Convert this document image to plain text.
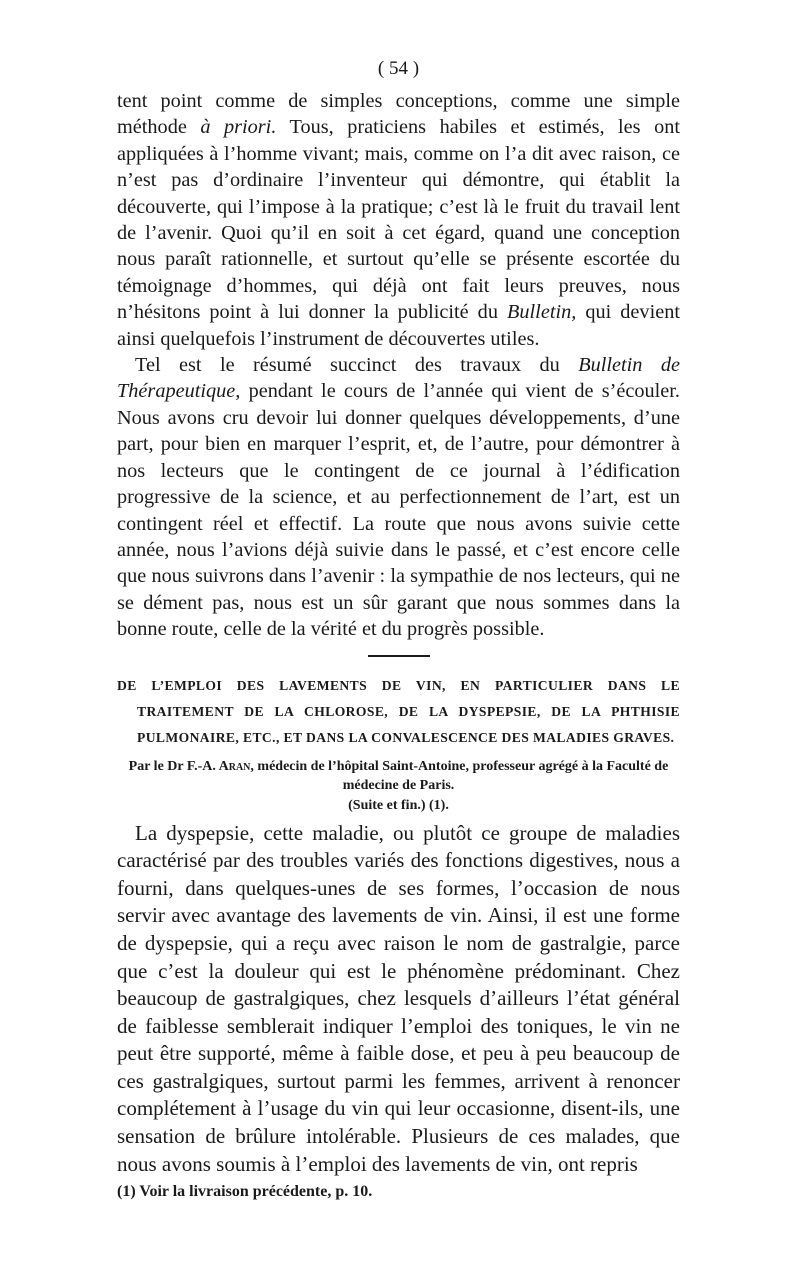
( 54 )

tent point comme de simples conceptions, comme une simple méthode à priori. Tous, praticiens habiles et estimés, les ont appliquées à l’homme vivant; mais, comme on l’a dit avec raison, ce n’est pas d’ordinaire l’inventeur qui démontre, qui établit la découverte, qui l’impose à la pratique; c’est là le fruit du travail lent de l’avenir. Quoi qu’il en soit à cet égard, quand une conception nous paraît rationnelle, et surtout qu’elle se présente escortée du témoignage d’hommes, qui déjà ont fait leurs preuves, nous n’hésitons point à lui donner la publicité du Bulletin, qui devient ainsi quelquefois l’instrument de découvertes utiles.

Tel est le résumé succinct des travaux du Bulletin de Thérapeutique, pendant le cours de l’année qui vient de s’écouler. Nous avons cru devoir lui donner quelques développements, d’une part, pour bien en marquer l’esprit, et, de l’autre, pour démontrer à nos lecteurs que le contingent de ce journal à l’édification progressive de la science, et au perfectionnement de l’art, est un contingent réel et effectif. La route que nous avons suivie cette année, nous l’avions déjà suivie dans le passé, et c’est encore celle que nous suivrons dans l’avenir : la sympathie de nos lecteurs, qui ne se dément pas, nous est un sûr garant que nous sommes dans la bonne route, celle de la vérité et du progrès possible.

DE L’EMPLOI DES LAVEMENTS DE VIN, EN PARTICULIER DANS LE TRAITEMENT DE LA CHLOROSE, DE LA DYSPEPSIE, DE LA PHTHISIE PULMONAIRE, ETC., ET DANS LA CONVALESCENCE DES MALADIES GRAVES.

Par le Dr F.-A. Aran, médecin de l’hôpital Saint-Antoine, professeur agrégé à la Faculté de médecine de Paris.
(Suite et fin.) (1).

La dyspepsie, cette maladie, ou plutôt ce groupe de maladies caractérisé par des troubles variés des fonctions digestives, nous a fourni, dans quelques-unes de ses formes, l’occasion de nous servir avec avantage des lavements de vin. Ainsi, il est une forme de dyspepsie, qui a reçu avec raison le nom de gastralgie, parce que c’est la douleur qui est le phénomène prédominant. Chez beaucoup de gastralgiques, chez lesquels d’ailleurs l’état général de faiblesse semblerait indiquer l’emploi des toniques, le vin ne peut être supporté, même à faible dose, et peu à peu beaucoup de ces gastralgiques, surtout parmi les femmes, arrivent à renoncer complétement à l’usage du vin qui leur occasionne, disent-ils, une sensation de brûlure intolérable. Plusieurs de ces malades, que nous avons soumis à l’emploi des lavements de vin, ont repris

(1) Voir la livraison précédente, p. 10.
